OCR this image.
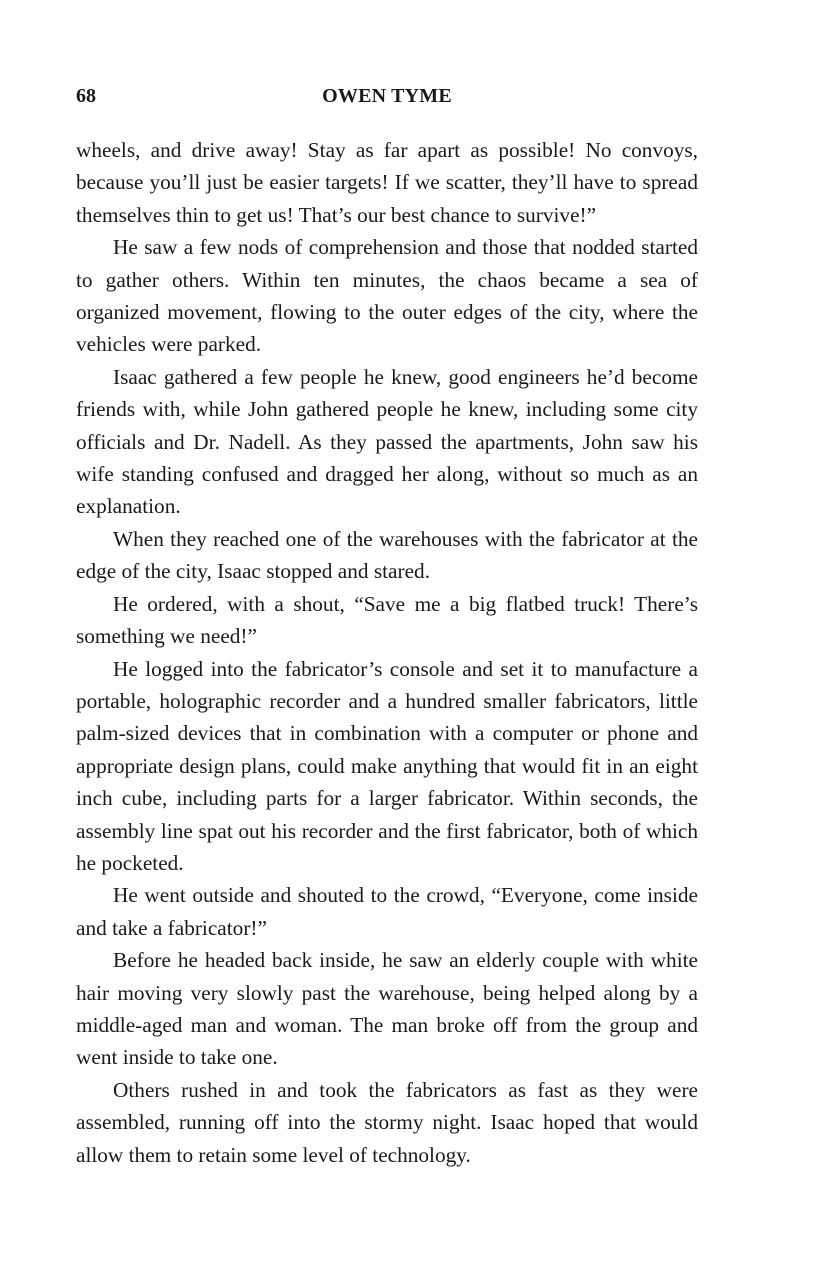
68	OWEN TYME

wheels, and drive away! Stay as far apart as possible! No convoys, because you’ll just be easier targets! If we scatter, they’ll have to spread themselves thin to get us! That’s our best chance to survive!”

He saw a few nods of comprehension and those that nodded started to gather others. Within ten minutes, the chaos became a sea of organized movement, flowing to the outer edges of the city, where the vehicles were parked.

Isaac gathered a few people he knew, good engineers he’d become friends with, while John gathered people he knew, including some city officials and Dr. Nadell. As they passed the apartments, John saw his wife standing confused and dragged her along, without so much as an explanation.

When they reached one of the warehouses with the fabricator at the edge of the city, Isaac stopped and stared.

He ordered, with a shout, “Save me a big flatbed truck! There’s something we need!”

He logged into the fabricator’s console and set it to manufacture a portable, holographic recorder and a hundred smaller fabricators, little palm-sized devices that in combination with a computer or phone and appropriate design plans, could make anything that would fit in an eight inch cube, including parts for a larger fabricator. Within seconds, the assembly line spat out his recorder and the first fabricator, both of which he pocketed.

He went outside and shouted to the crowd, “Everyone, come inside and take a fabricator!”

Before he headed back inside, he saw an elderly couple with white hair moving very slowly past the warehouse, being helped along by a middle-aged man and woman. The man broke off from the group and went inside to take one.

Others rushed in and took the fabricators as fast as they were assembled, running off into the stormy night. Isaac hoped that would allow them to retain some level of technology.
